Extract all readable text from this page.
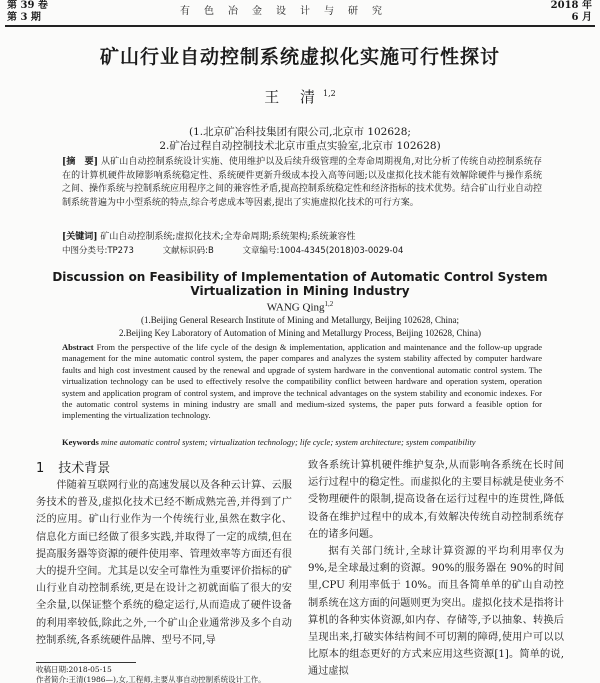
第 39 卷
第 3 期
有色冶金设计与研究
2018 年
6 月
矿山行业自动控制系统虚拟化实施可行性探讨
王 清$^{1,2}$
(1.北京矿冶科技集团有限公司,北京市 102628;
2.矿冶过程自动控制技术北京市重点实验室,北京市 102628)
[摘　要] 从矿山自动控制系统设计实施、使用维护以及后续升级管理的全寿命周期视角,对比分析了传统自动控制系统存在的计算机硬件故障影响系统稳定性、系统硬件更新升级成本投入高等问题;以及虚拟化技术能有效解除硬件与操作系统之间、操作系统与控制系统应用程序之间的兼容性矛盾,提高控制系统稳定性和经济指标的技术优势。结合矿山行业自动控制系统普遍为中小型系统的特点,综合考虑成本等因素,提出了实施虚拟化技术的可行方案。
[关键词] 矿山自动控制系统;虚拟化技术;全寿命周期;系统架构;系统兼容性
中图分类号:TP273	文献标识码:B	文章编号:1004-4345(2018)03-0029-04
Discussion on Feasibility of Implementation of Automatic Control System
Virtualization in Mining Industry
WANG Qing$^{1,2}$
(1.Beijing General Research Institute of Mining and Metallurgy, Beijing 102628, China;
2.Beijing Key Laboratory of Automation of Mining and Metallurgy Process, Beijing 102628, China)
Abstract From the perspective of the life cycle of the design & implementation, application and maintenance and the follow-up upgrade management for the mine automatic control system, the paper compares and analyzes the system stability affected by computer hardware faults and high cost investment caused by the renewal and upgrade of system hardware in the conventional automatic control system. The virtualization technology can be used to effectively resolve the compatibility conflict between hardware and operation system, operation system and application program of control system, and improve the technical advantages on the system stability and economic indexes. For the automatic control systems in mining industry are small and medium-sized systems, the paper puts forward a feasible option for implementing the virtualization technology.
Keywords mine automatic control system; virtualization technology; life cycle; system architecture; system compatibility
1 技术背景

伴随着互联网行业的高速发展以及各种云计算、云服务技术的普及,虚拟化技术已经不断成熟完善,并得到了广泛的应用。矿山行业作为一个传统行业,虽然在数字化、信息化方面已经做了很多实践,并取得了一定的成绩,但在提高服务器等资源的硬件使用率、管理效率等方面还有很大的提升空间。尤其是以安全可靠性为重要评价指标的矿山行业自动控制系统,更是在设计之初就面临了很大的安全余量,以保证整个系统的稳定运行,从而造成了硬件设备的利用率较低,除此之外,一个矿山企业通常涉及多个自动控制系统,各系统硬件品牌、型号不同,导

致各系统计算机硬件维护复杂,从而影响各系统在长时间运行过程中的稳定性。而虚拟化的主要目标就是使业务不受物理硬件的限制,提高设备在运行过程中的连贯性,降低设备在维护过程中的成本,有效解决传统自动控制系统存在的诸多问题。

据有关部门统计,全球计算资源的平均利用率仅为 9%,是全球最过剩的资源。90%的服务器在 90%的时间里,CPU 利用率低于 10%。而且各简单单的矿山自动控制系统在这方面的问题则更为突出。虚拟化技术是指将计算机的各种实体资源,如内存、存储等,予以抽象、转换后呈现出来,打破实体结构间不可切割的障碍,使用户可以以比原本的组态更好的方式来应用这些资源[1]。简单的说,通过虚拟

收稿日期:2018-05-15
作者简介:王清(1986—),女,工程师,主要从事自动控制系统设计工作。
